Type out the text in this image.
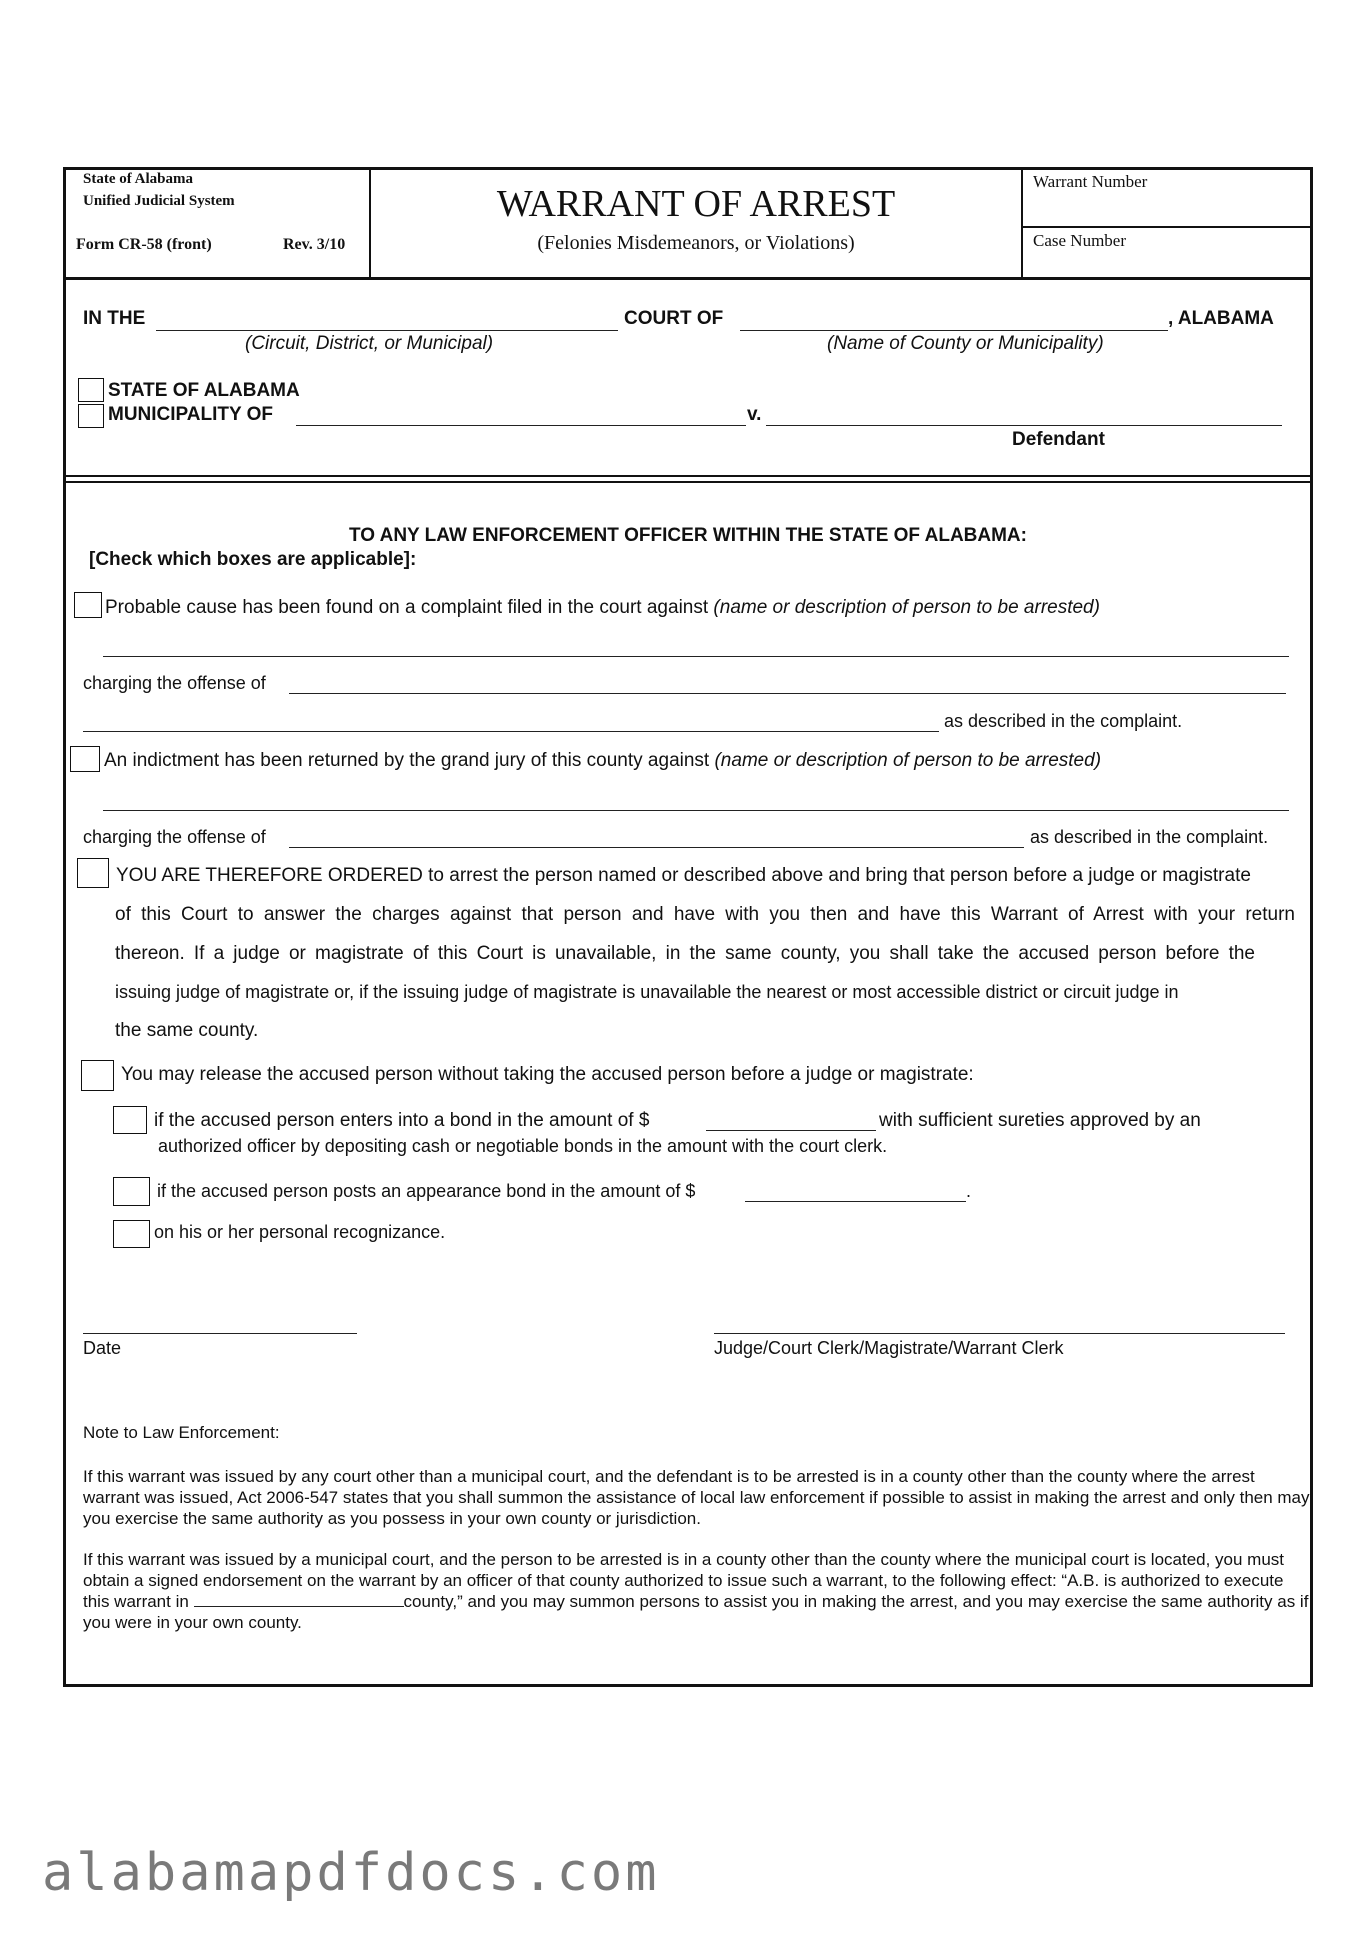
State of Alabama
Unified Judicial System
Form CR-58 (front)	Rev. 3/10
WARRANT OF ARREST
(Felonies Misdemeanors, or Violations)
Warrant Number
Case Number
IN THE	COURT OF	, ALABAMA
(Circuit, District, or Municipal)	(Name of County or Municipality)
STATE OF ALABAMA
MUNICIPALITY OF	v.
Defendant
TO ANY LAW ENFORCEMENT OFFICER WITHIN THE STATE OF ALABAMA:
[Check which boxes are applicable]:
Probable cause has been found on a complaint filed in the court against (name or description of person to be arrested)
charging the offense of
as described in the complaint.
An indictment has been returned by the grand jury of this county against (name or description of person to be arrested)
charging the offense of	as described in the complaint.
YOU ARE THEREFORE ORDERED to arrest the person named or described above and bring that person before a judge or magistrate
of this Court to answer the charges against that person and have with you then and have this Warrant of Arrest with your return
thereon. If a judge or magistrate of this Court is unavailable, in the same county, you shall take the accused person before the
issuing judge of magistrate or, if the issuing judge of magistrate is unavailable the nearest or most accessible district or circuit judge in
the same county.
You may release the accused person without taking the accused person before a judge or magistrate:
if the accused person enters into a bond in the amount of $	with sufficient sureties approved by an
authorized officer by depositing cash or negotiable bonds in the amount with the court clerk.
if the accused person posts an appearance bond in the amount of $	.
on his or her personal recognizance.
Date	Judge/Court Clerk/Magistrate/Warrant Clerk
Note to Law Enforcement:
If this warrant was issued by any court other than a municipal court, and the defendant is to be arrested is in a county other than the county where the arrest warrant was issued, Act 2006-547 states that you shall summon the assistance of local law enforcement if possible to assist in making the arrest and only then may you exercise the same authority as you possess in your own county or jurisdiction.
If this warrant was issued by a municipal court, and the person to be arrested is in a county other than the county where the municipal court is located, you must obtain a signed endorsement on the warrant by an officer of that county authorized to issue such a warrant, to the following effect: “A.B. is authorized to execute this warrant in	county,” and you may summon persons to assist you in making the arrest, and you may exercise the same authority as if you were in your own county.
alabamapdfdocs.com
